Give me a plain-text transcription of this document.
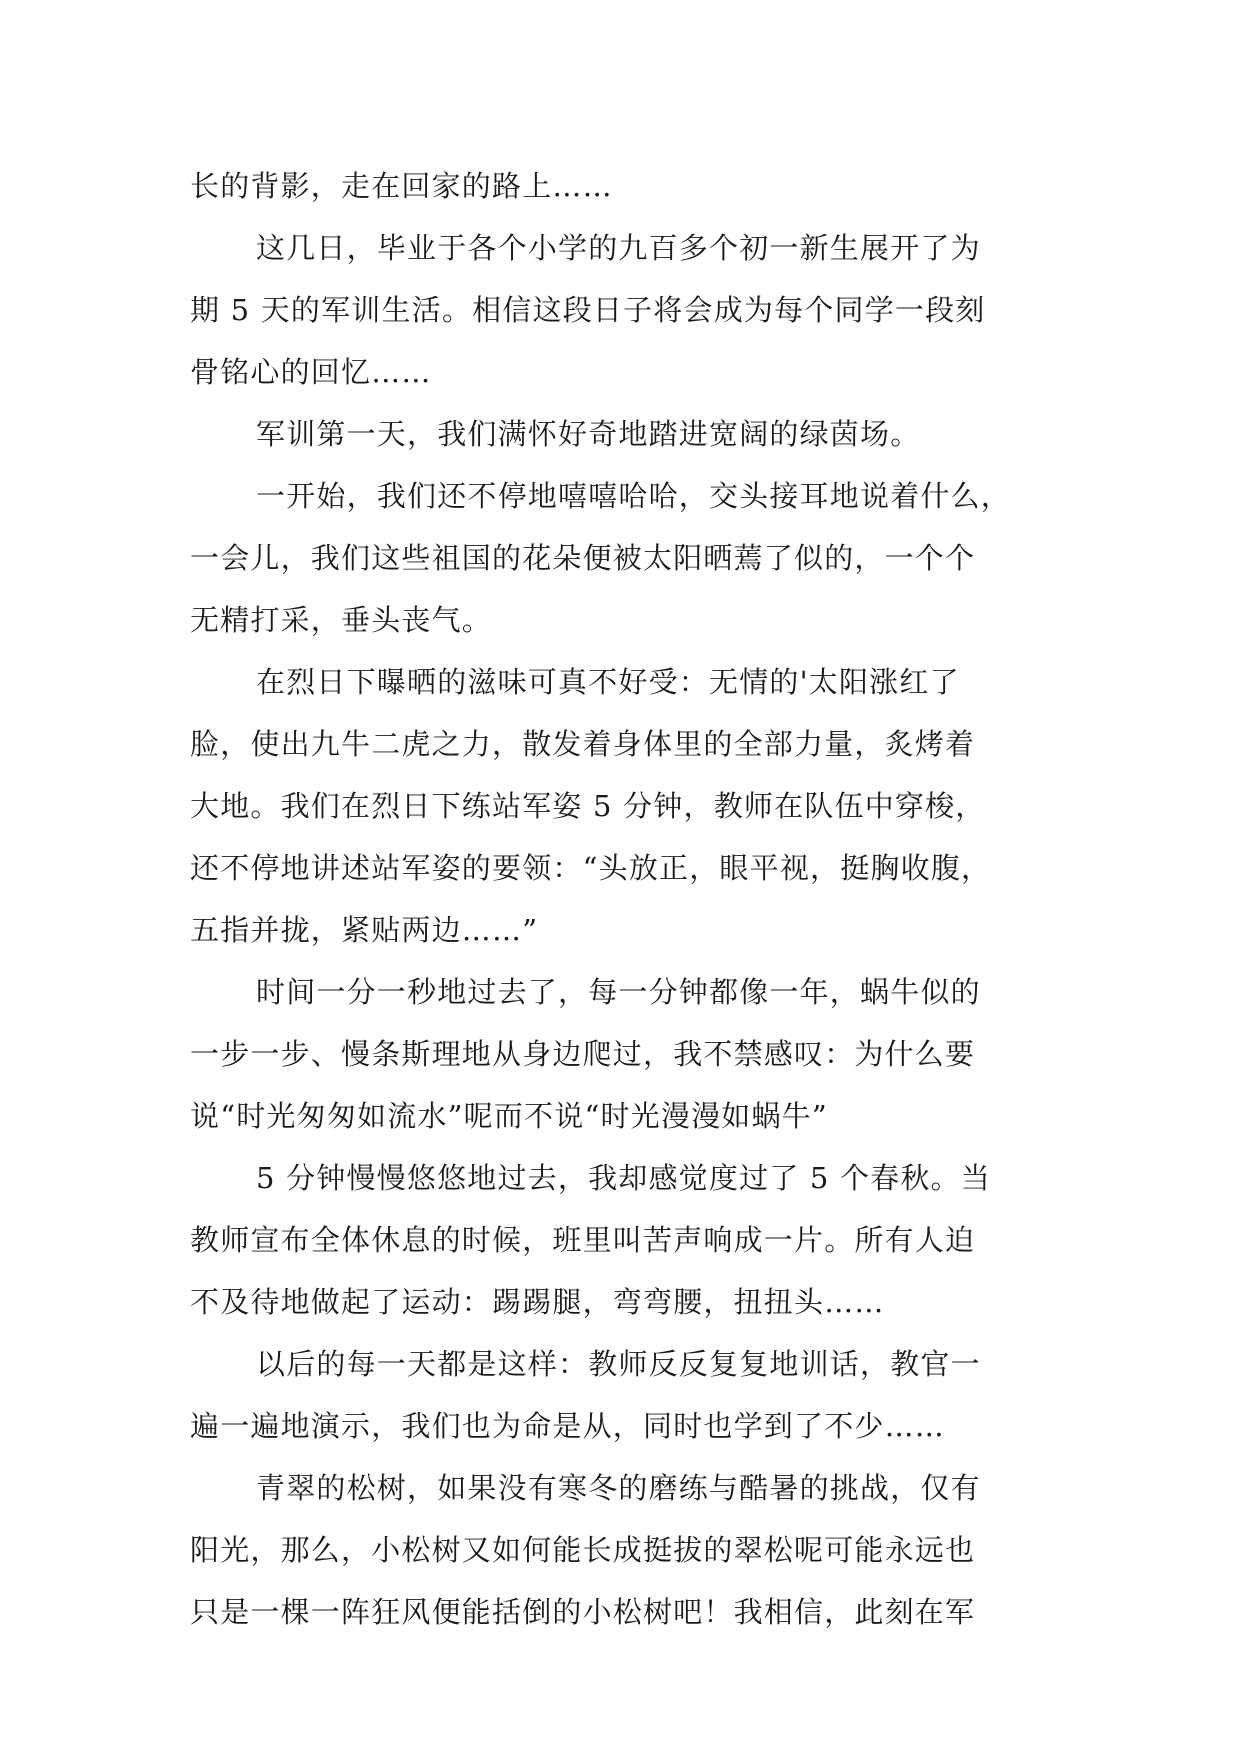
长的背影，走在回家的路上……
这几日，毕业于各个小学的九百多个初一新生展开了为
期 5 天的军训生活。相信这段日子将会成为每个同学一段刻
骨铭心的回忆……
军训第一天，我们满怀好奇地踏进宽阔的绿茵场。
一开始，我们还不停地嘻嘻哈哈，交头接耳地说着什么，
一会儿，我们这些祖国的花朵便被太阳晒蔫了似的，一个个
无精打采，垂头丧气。
在烈日下曝晒的滋味可真不好受：无情的'太阳涨红了
脸，使出九牛二虎之力，散发着身体里的全部力量，炙烤着
大地。我们在烈日下练站军姿 5 分钟，教师在队伍中穿梭，
还不停地讲述站军姿的要领：“头放正，眼平视，挺胸收腹，
五指并拢，紧贴两边……”
时间一分一秒地过去了，每一分钟都像一年，蜗牛似的
一步一步、慢条斯理地从身边爬过，我不禁感叹：为什么要
说“时光匆匆如流水”呢而不说“时光漫漫如蜗牛”
5 分钟慢慢悠悠地过去，我却感觉度过了 5 个春秋。当
教师宣布全体休息的时候，班里叫苦声响成一片。所有人迫
不及待地做起了运动：踢踢腿，弯弯腰，扭扭头……
以后的每一天都是这样：教师反反复复地训话，教官一
遍一遍地演示，我们也为命是从，同时也学到了不少……
青翠的松树，如果没有寒冬的磨练与酷暑的挑战，仅有
阳光，那么，小松树又如何能长成挺拔的翠松呢可能永远也
只是一棵一阵狂风便能括倒的小松树吧！我相信，此刻在军
